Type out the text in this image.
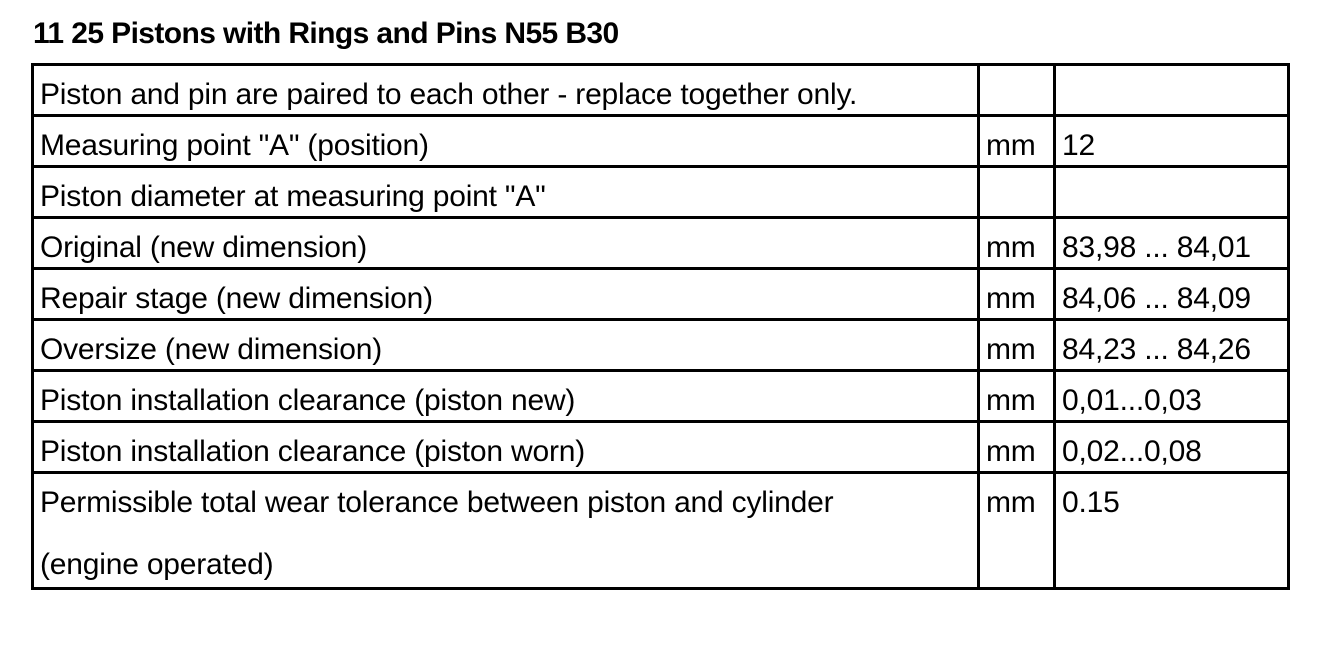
11 25 Pistons with Rings and Pins N55 B30
Piston and pin are paired to each other - replace together only.		
Measuring point "A" (position)	mm	12
Piston diameter at measuring point "A"		
Original (new dimension)	mm	83,98 ... 84,01
Repair stage (new dimension)	mm	84,06 ... 84,09
Oversize (new dimension)	mm	84,23 ... 84,26
Piston installation clearance (piston new)	mm	0,01...0,03
Piston installation clearance (piston worn)	mm	0,02...0,08

Permissible total wear tolerance between piston and cylinder
(engine operated)	mm	0.15
